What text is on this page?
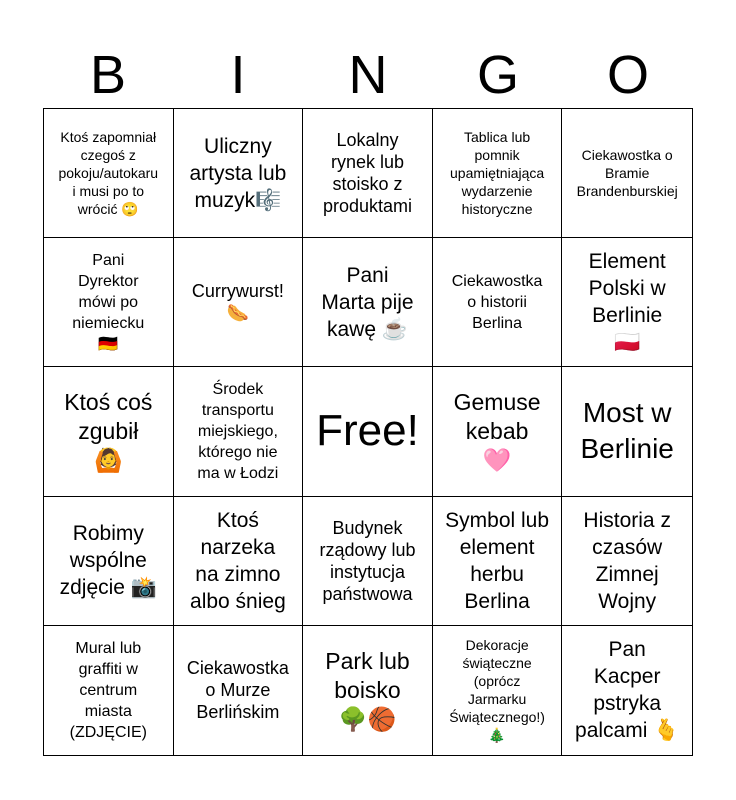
B	I	N	G	O
Ktoś zapomniał
czegoś z
pokoju/autokaru
i musi po to
wrócić 🙄
Uliczny
artysta lub
muzyk🎼
Lokalny
rynek lub
stoisko z
produktami
Tablica lub
pomnik
upamiętniająca
wydarzenie
historyczne
Ciekawostka o
Bramie
Brandenburskiej
Pani
Dyrektor
mówi po
niemiecku
🇩🇪
Currywurst!
🌭
Pani
Marta pije
kawę ☕
Ciekawostka
o historii
Berlina
Element
Polski w
Berlinie
🇵🇱
Ktoś coś
zgubił
🙆
Środek
transportu
miejskiego,
którego nie
ma w Łodzi
Free!
Gemuse
kebab
🩷
Most w
Berlinie
Robimy
wspólne
zdjęcie 📸
Ktoś
narzeka
na zimno
albo śnieg
Budynek
rządowy lub
instytucja
państwowa
Symbol lub
element
herbu
Berlina
Historia z
czasów
Zimnej
Wojny
Mural lub
graffiti w
centrum
miasta
(ZDJĘCIE)
Ciekawostka
o Murze
Berlińskim
Park lub
boisko
🌳🏀
Dekoracje
świąteczne
(oprócz
Jarmarku
Świątecznego!)
🎄
Pan
Kacper
pstryka
palcami 🫰
